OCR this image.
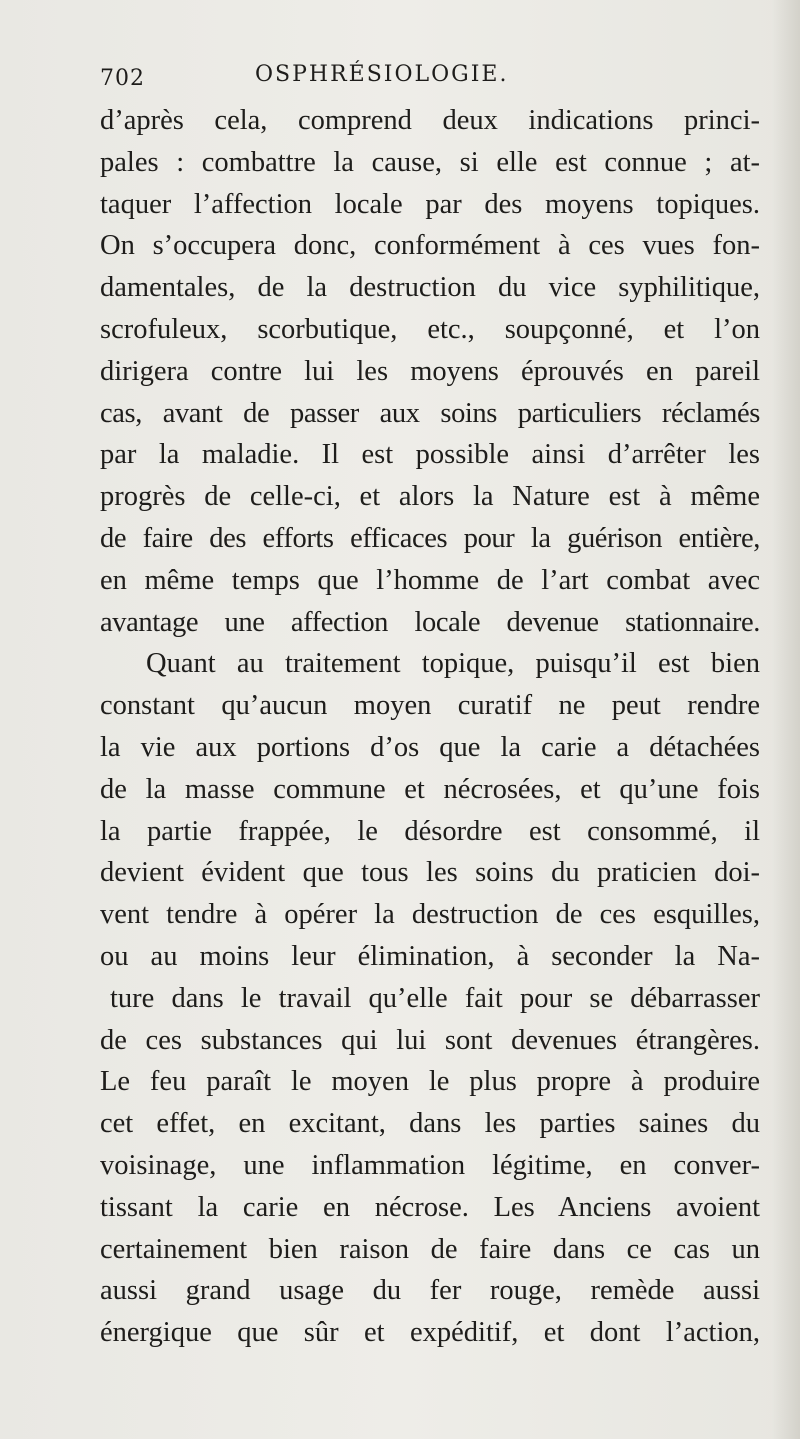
702	OSPHRÉSIOLOGIE.
d’après cela, comprend deux indications princi-
pales : combattre la cause, si elle est connue ; at-
taquer l’affection locale par des moyens topiques.
On s’occupera donc, conformément à ces vues fon-
damentales, de la destruction du vice syphilitique,
scrofuleux, scorbutique, etc., soupçonné, et l’on
dirigera contre lui les moyens éprouvés en pareil
cas, avant de passer aux soins particuliers réclamés
par la maladie. Il est possible ainsi d’arrêter les
progrès de celle-ci, et alors la Nature est à même
de faire des efforts efficaces pour la guérison entière,
en même temps que l’homme de l’art combat avec
avantage une affection locale devenue stationnaire.
Quant au traitement topique, puisqu’il est bien
constant qu’aucun moyen curatif ne peut rendre
la vie aux portions d’os que la carie a détachées
de la masse commune et nécrosées, et qu’une fois
la partie frappée, le désordre est consommé, il
devient évident que tous les soins du praticien doi-
vent tendre à opérer la destruction de ces esquilles,
ou au moins leur élimination, à seconder la Na-
ture dans le travail qu’elle fait pour se débarrasser
de ces substances qui lui sont devenues étrangères.
Le feu paraît le moyen le plus propre à produire
cet effet, en excitant, dans les parties saines du
voisinage, une inflammation légitime, en conver-
tissant la carie en nécrose. Les Anciens avoient
certainement bien raison de faire dans ce cas un
aussi grand usage du fer rouge, remède aussi
énergique que sûr et expéditif, et dont l’action,
